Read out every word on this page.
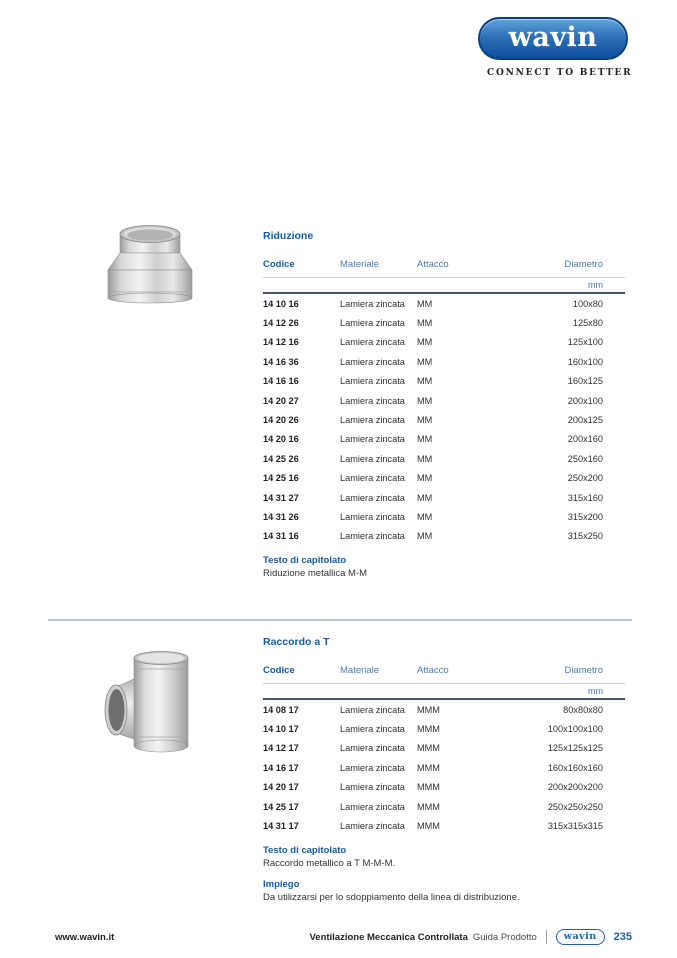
wavin
CONNECT TO BETTER
Riduzione
Codice	Materiale	Attacco	Diametro
mm
14 10 16	Lamiera zincata	MM	100x80
14 12 26	Lamiera zincata	MM	125x80
14 12 16	Lamiera zincata	MM	125x100
14 16 36	Lamiera zincata	MM	160x100
14 16 16	Lamiera zincata	MM	160x125
14 20 27	Lamiera zincata	MM	200x100
14 20 26	Lamiera zincata	MM	200x125
14 20 16	Lamiera zincata	MM	200x160
14 25 26	Lamiera zincata	MM	250x160
14 25 16	Lamiera zincata	MM	250x200
14 31 27	Lamiera zincata	MM	315x160
14 31 26	Lamiera zincata	MM	315x200
14 31 16	Lamiera zincata	MM	315x250
Testo di capitolato
Riduzione metallica M-M
Raccordo a T
Codice	Materiale	Attacco	Diametro
mm
14 08 17	Lamiera zincata	MMM	80x80x80
14 10 17	Lamiera zincata	MMM	100x100x100
14 12 17	Lamiera zincata	MMM	125x125x125
14 16 17	Lamiera zincata	MMM	160x160x160
14 20 17	Lamiera zincata	MMM	200x200x200
14 25 17	Lamiera zincata	MMM	250x250x250
14 31 17	Lamiera zincata	MMM	315x315x315
Testo di capitolato
Raccordo metallico a T M-M-M.
Impiego
Da utilizzarsi per lo sdoppiamento della linea di distribuzione.
www.wavin.it	Ventilazione Meccanica Controllata Guida Prodotto	wavin 235
